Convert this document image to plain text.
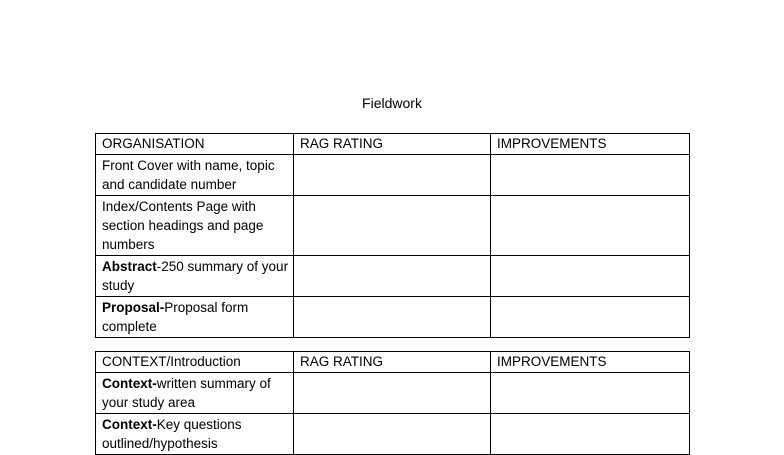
Fieldwork
ORGANISATION	RAG RATING	IMPROVEMENTS
Front Cover with name, topic and candidate number		
Index/Contents Page with section headings and page numbers		
Abstract-250 summary of your study		
Proposal-Proposal form complete		
CONTEXT/Introduction	RAG RATING	IMPROVEMENTS
Context-written summary of your study area		
Context-Key questions outlined/hypothesis		
